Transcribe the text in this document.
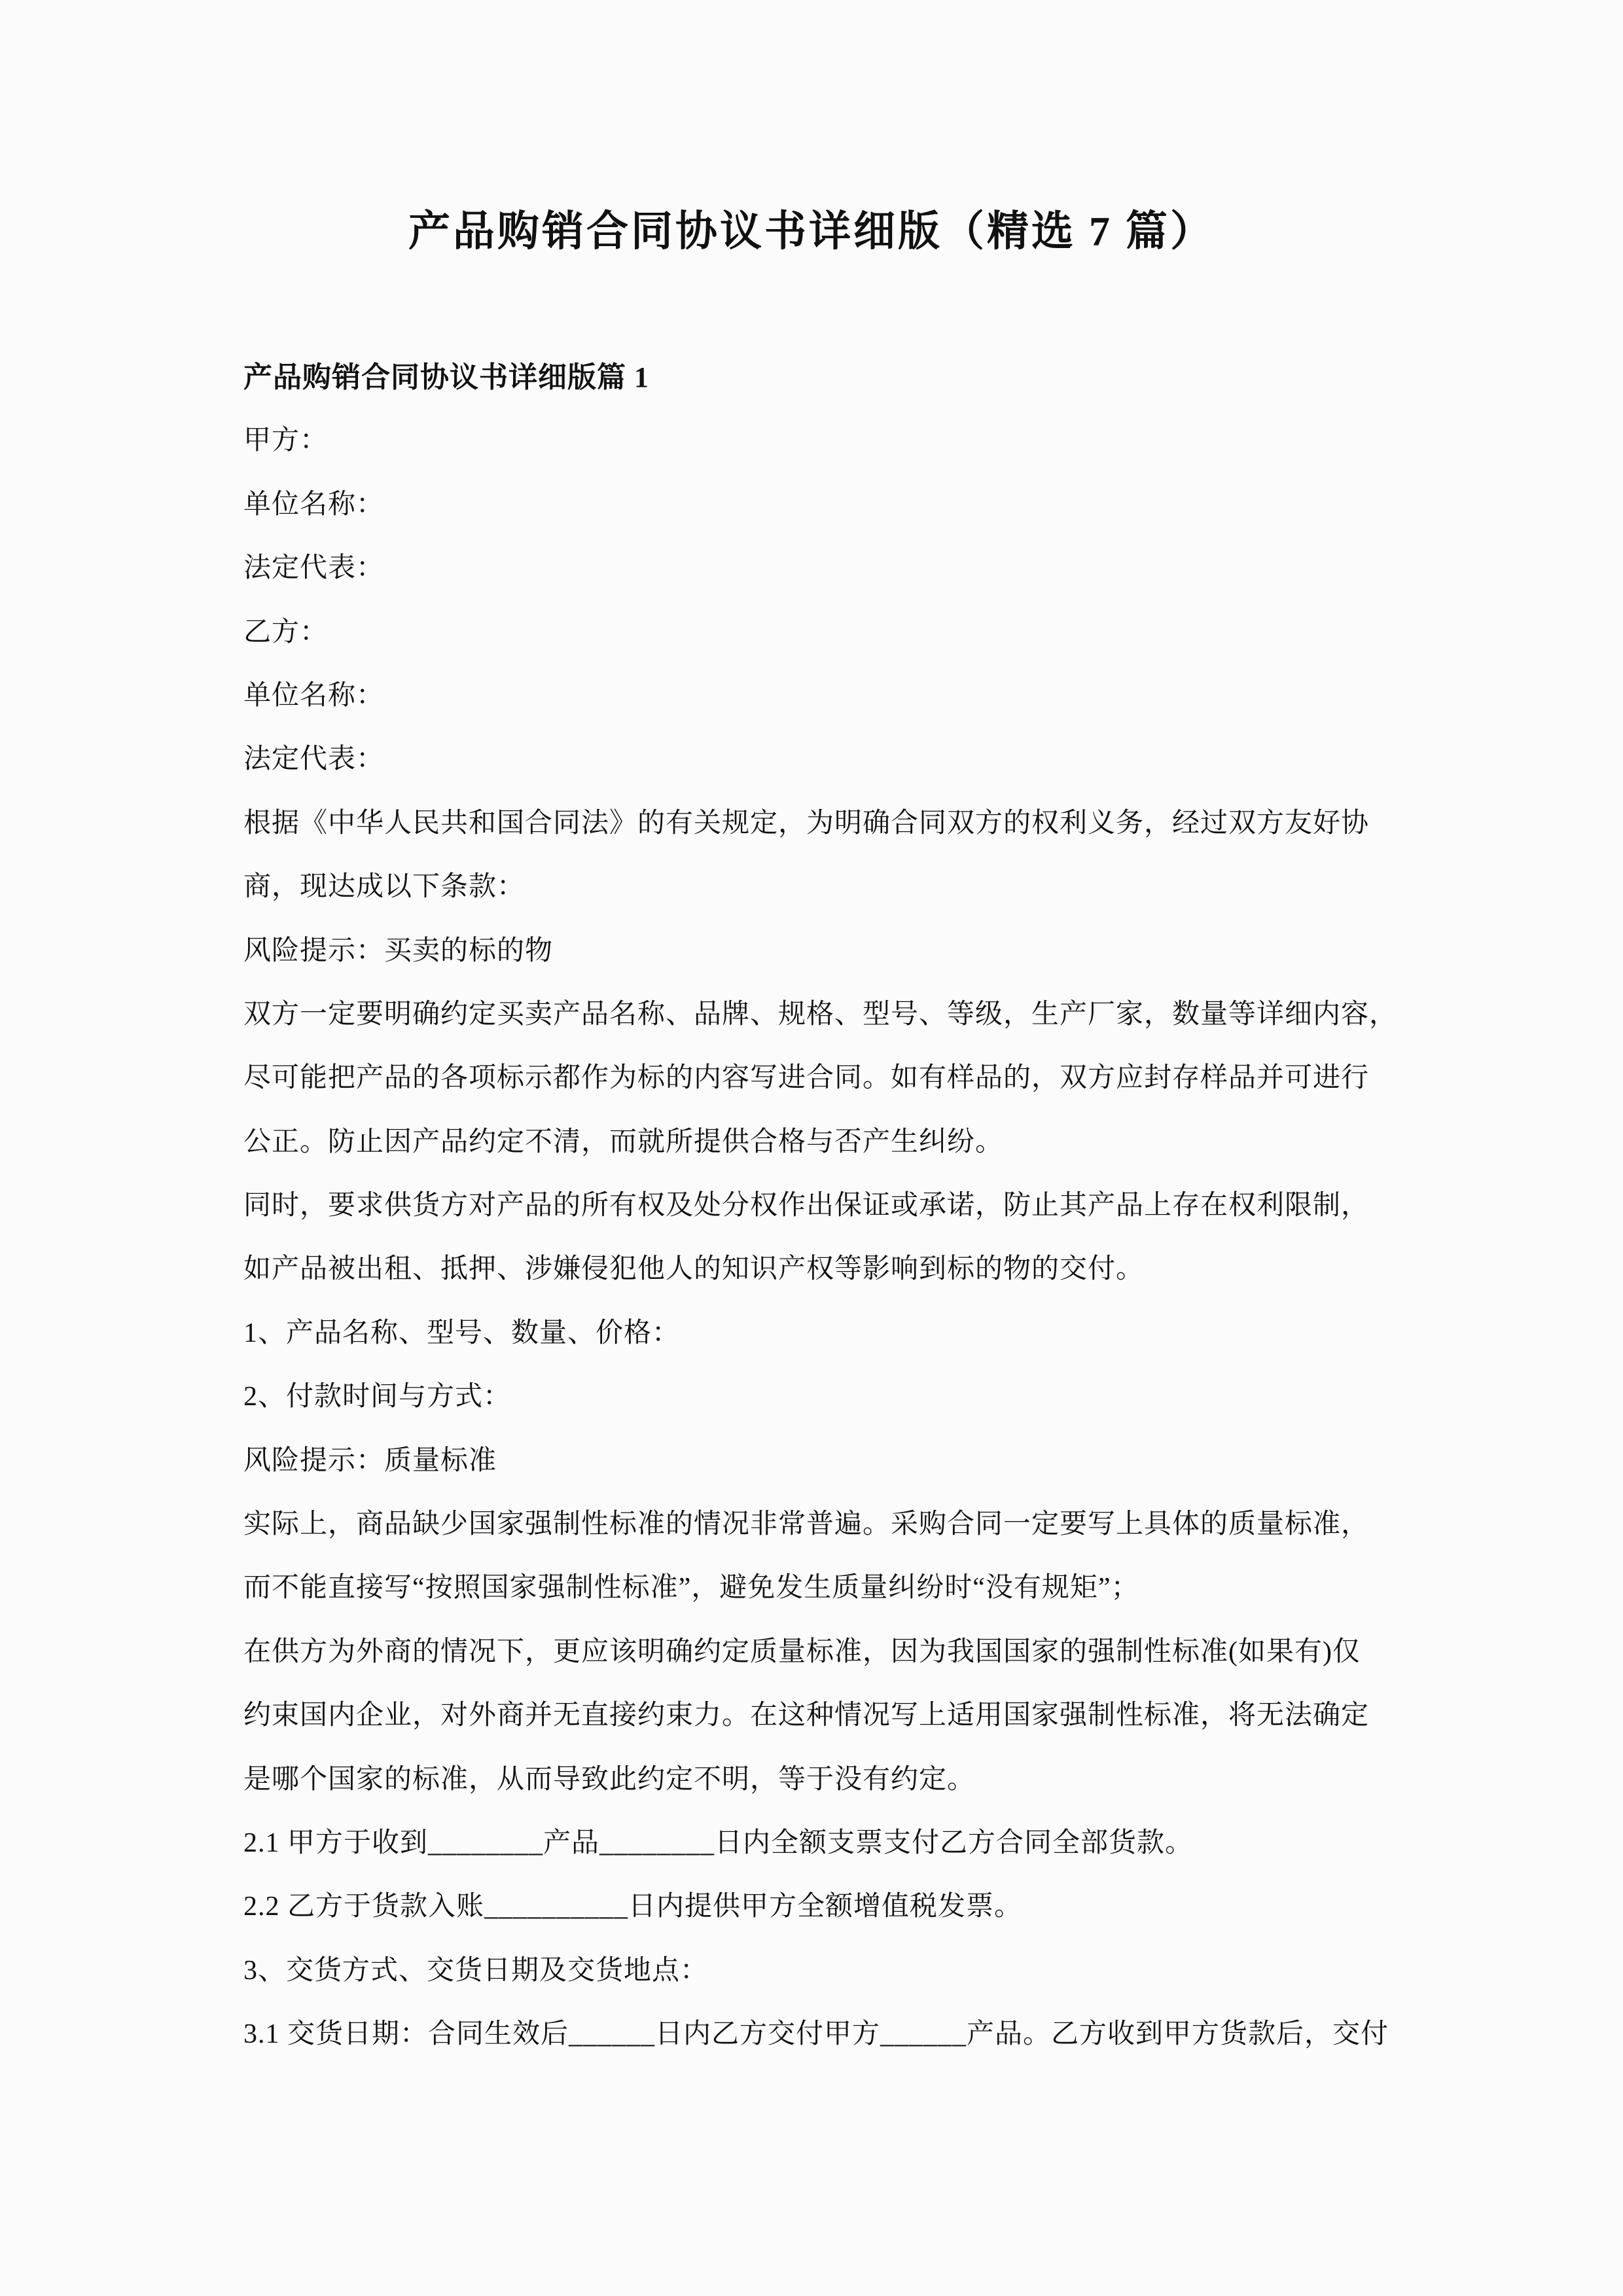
产品购销合同协议书详细版（精选 7 篇）
产品购销合同协议书详细版篇 1
甲方：
单位名称：
法定代表：
乙方：
单位名称：
法定代表：
根据《中华人民共和国合同法》的有关规定，为明确合同双方的权利义务，经过双方友好协
商，现达成以下条款：
风险提示：买卖的标的物
双方一定要明确约定买卖产品名称、品牌、规格、型号、等级，生产厂家，数量等详细内容，
尽可能把产品的各项标示都作为标的内容写进合同。如有样品的，双方应封存样品并可进行
公正。防止因产品约定不清，而就所提供合格与否产生纠纷。
同时，要求供货方对产品的所有权及处分权作出保证或承诺，防止其产品上存在权利限制，
如产品被出租、抵押、涉嫌侵犯他人的知识产权等影响到标的物的交付。
1、产品名称、型号、数量、价格：
2、付款时间与方式：
风险提示：质量标准
实际上，商品缺少国家强制性标准的情况非常普遍。采购合同一定要写上具体的质量标准，
而不能直接写“按照国家强制性标准”，避免发生质量纠纷时“没有规矩”；
在供方为外商的情况下，更应该明确约定质量标准，因为我国国家的强制性标准(如果有)仅
约束国内企业，对外商并无直接约束力。在这种情况写上适用国家强制性标准，将无法确定
是哪个国家的标准，从而导致此约定不明，等于没有约定。
2.1 甲方于收到________产品________日内全额支票支付乙方合同全部货款。
2.2 乙方于货款入账__________日内提供甲方全额增值税发票。
3、交货方式、交货日期及交货地点：
3.1 交货日期：合同生效后______日内乙方交付甲方______产品。乙方收到甲方货款后，交付
